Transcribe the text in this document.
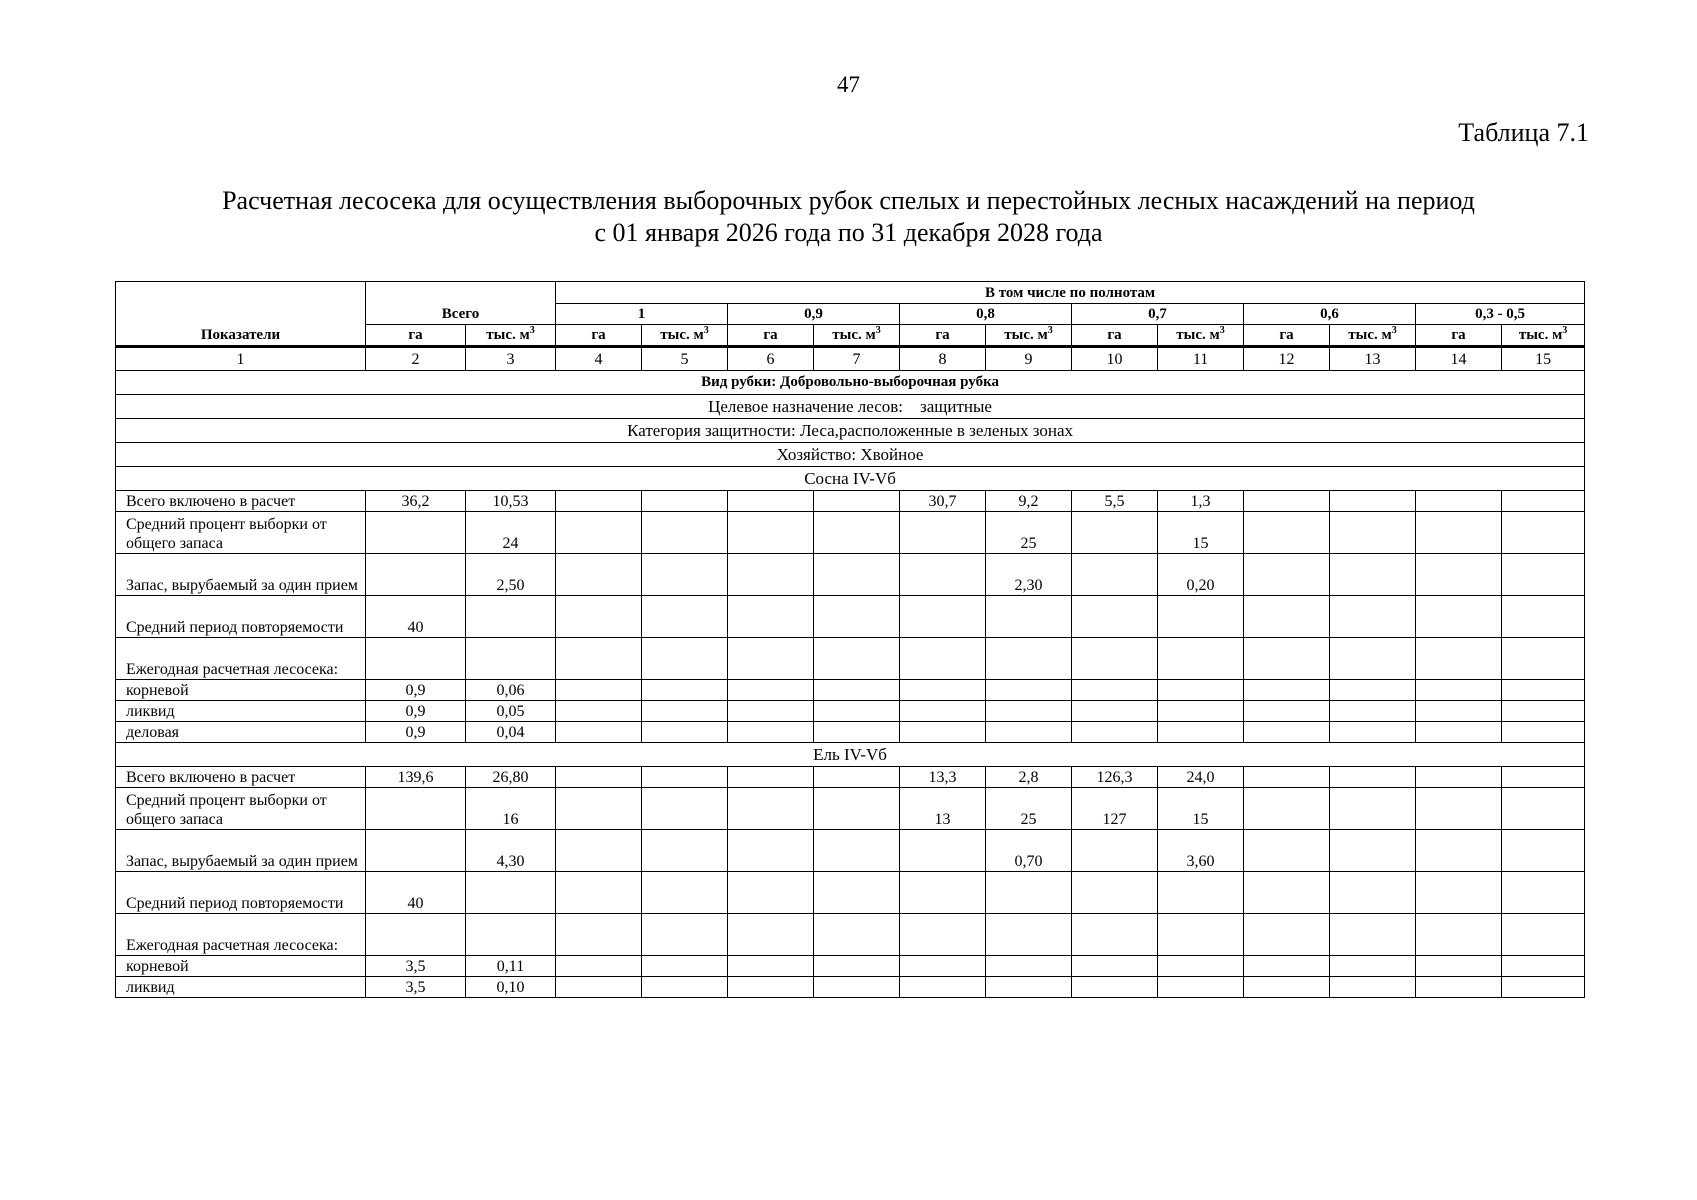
47
Таблица 7.1
Расчетная лесосека для осуществления выборочных рубок спелых и перестойных лесных насаждений на период
с 01 января 2026 года по 31 декабря 2028 года
Показатели	Всего		В том числе по полнотам											
			1		0,9		0,8		0,7		0,6		0,3 - 0,5	
	га	тыс. $м^3$	га	тыс. $м^3$	га	тыс. $м^3$	га	тыс. $м^3$	га	тыс. $м^3$	га	тыс. $м^3$	га	тыс. $м^3$

1	2	3	4	5	6	7	8	9	10	11	12	13	14	15
Вид рубки: Добровольно-выборочная рубка														
Целевое назначение лесов:    защитные														
Категория защитности: Леса,расположенные в зеленых зонах														
Хозяйство: Хвойное														
Сосна IV-Vб														
Всего включено в расчет	36,2	10,53					30,7	9,2	5,5	1,3				
Средний процент выборки от общего запаса		24						25		15				
Запас, вырубаемый за один прием		2,50						2,30		0,20				
Средний период повторяемости	40													
Ежегодная расчетная лесосека:														
корневой	0,9	0,06												
ликвид	0,9	0,05												
деловая	0,9	0,04												
Ель IV-Vб														
Всего включено в расчет	139,6	26,80					13,3	2,8	126,3	24,0				
Средний процент выборки от общего запаса		16					13	25	127	15				
Запас, вырубаемый за один прием		4,30						0,70		3,60				
Средний период повторяемости	40													
Ежегодная расчетная лесосека:														
корневой	3,5	0,11												
ликвид	3,5	0,10												
